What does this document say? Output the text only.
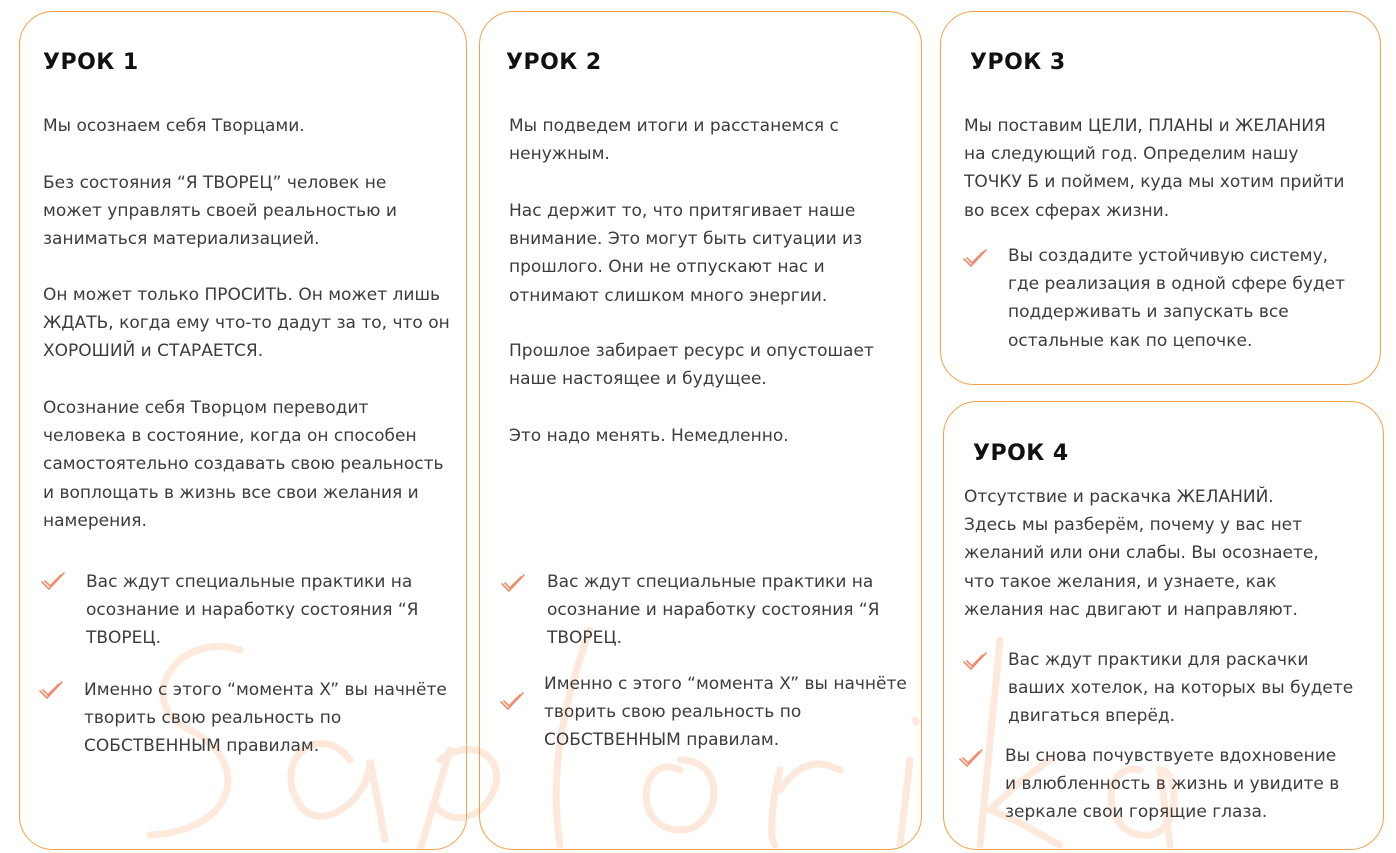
УРОК 1

Мы осознаем себя Творцами.

Без состояния “Я ТВОРЕЦ” человек не
может управлять своей реальностью и
заниматься материализацией.

Он может только ПРОСИТЬ. Он может лишь
ЖДАТЬ, когда ему что-то дадут за то, что он
ХОРОШИЙ и СТАРАЕТСЯ.

Осознание себя Творцом переводит
человека в состояние, когда он способен
самостоятельно создавать свою реальность
и воплощать в жизнь все свои желания и
намерения.

Вас ждут специальные практики на
осознание и наработку состояния “Я
ТВОРЕЦ.

Именно с этого “момента X” вы начнёте
творить свою реальность по
СОБСТВЕННЫМ правилам.

УРОК 2

Мы подведем итоги и расстанемся с
ненужным.

Нас держит то, что притягивает наше
внимание. Это могут быть ситуации из
прошлого. Они не отпускают нас и
отнимают слишком много энергии.

Прошлое забирает ресурс и опустошает
наше настоящее и будущее.

Это надо менять. Немедленно.

Вас ждут специальные практики на
осознание и наработку состояния “Я
ТВОРЕЦ.

Именно с этого “момента X” вы начнёте
творить свою реальность по
СОБСТВЕННЫМ правилам.

УРОК 3

Мы поставим ЦЕЛИ, ПЛАНЫ и ЖЕЛАНИЯ
на следующий год. Определим нашу
ТОЧКУ Б и поймем, куда мы хотим прийти
во всех сферах жизни.

Вы создадите устойчивую систему,
где реализация в одной сфере будет
поддерживать и запускать все
остальные как по цепочке.

УРОК 4

Отсутствие и раскачка ЖЕЛАНИЙ.
Здесь мы разберём, почему у вас нет
желаний или они слабы. Вы осознаете,
что такое желания, и узнаете, как
желания нас двигают и направляют.

Вас ждут практики для раскачки
ваших хотелок, на которых вы будете
двигаться вперёд.

Вы снова почувствуете вдохновение
и влюбленность в жизнь и увидите в
зеркале свои горящие глаза.
